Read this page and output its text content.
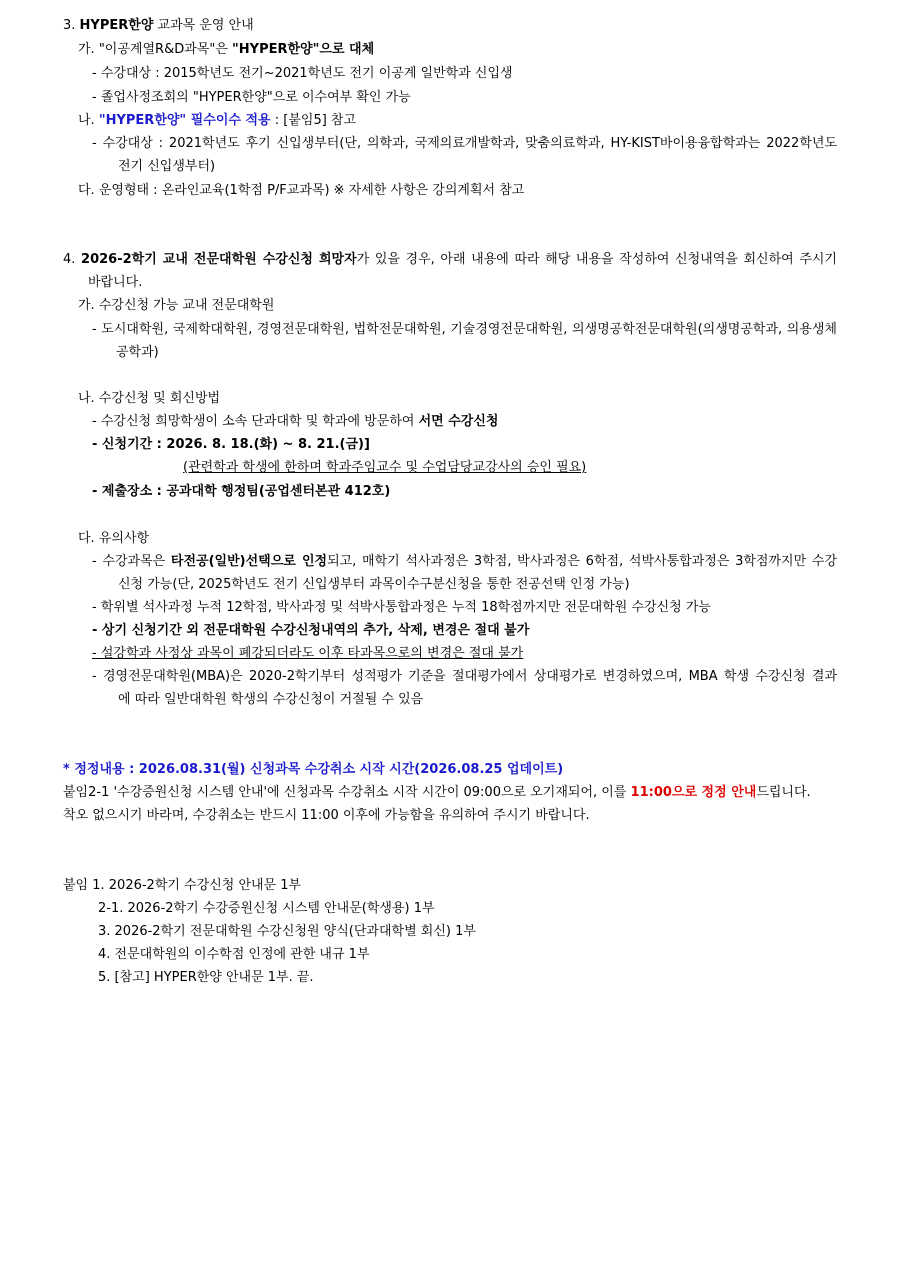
3. HYPER한양 교과목 운영 안내
가. "이공계열R&D과목"은 "HYPER한양"으로 대체
- 수강대상 : 2015학년도 전기~2021학년도 전기 이공계 일반학과 신입생
- 졸업사정조회의 "HYPER한양"으로 이수여부 확인 가능
나. "HYPER한양" 필수이수 적용 : [붙임5] 참고
- 수강대상 : 2021학년도 후기 신입생부터(단, 의학과, 국제의료개발학과, 맞춤의료학과, HY-KIST바이용융합학과는 2022학년도
전기 신입생부터)
다. 운영형태 : 온라인교육(1학점 P/F교과목) ※ 자세한 사항은 강의계획서 참고
4. 2026-2학기 교내 전문대학원 수강신청 희망자가 있을 경우, 아래 내용에 따라 해당 내용을 작성하여 신청내역을 회신하여 주시기
바랍니다.
가. 수강신청 가능 교내 전문대학원
- 도시대학원, 국제학대학원, 경영전문대학원, 법학전문대학원, 기술경영전문대학원, 의생명공학전문대학원(의생명공학과, 의용생체
공학과)
나. 수강신청 및 회신방법
- 수강신청 희망학생이 소속 단과대학 및 학과에 방문하여 서면 수강신청
- 신청기간 : 2026. 8. 18.(화) ~ 8. 21.(금)]
(관련학과 학생에 한하며 학과주임교수 및 수업담당교강사의 승인 필요)
- 제출장소 : 공과대학 행정팀(공업센터본관 412호)
다. 유의사항
- 수강과목은 타전공(일반)선택으로 인정되고, 매학기 석사과정은 3학점, 박사과정은 6학점, 석박사통합과정은 3학점까지만 수강
신청 가능(단, 2025학년도 전기 신입생부터 과목이수구분신청을 통한 전공선택 인정 가능)
- 학위별 석사과정 누적 12학점, 박사과정 및 석박사통합과정은 누적 18학점까지만 전문대학원 수강신청 가능
- 상기 신청기간 외 전문대학원 수강신청내역의 추가, 삭제, 변경은 절대 불가
- 설강학과 사정상 과목이 폐강되더라도 이후 타과목으로의 변경은 절대 불가
- 경영전문대학원(MBA)은 2020-2학기부터 성적평가 기준을 절대평가에서 상대평가로 변경하였으며, MBA 학생 수강신청 결과
에 따라 일반대학원 학생의 수강신청이 거절될 수 있음
* 정정내용 : 2026.08.31(월) 신청과목 수강취소 시작 시간(2026.08.25 업데이트)
붙임2-1 '수강증원신청 시스템 안내'에 신청과목 수강취소 시작 시간이 09:00으로 오기재되어, 이를 11:00으로 정정 안내드립니다.
착오 없으시기 바라며, 수강취소는 반드시 11:00 이후에 가능함을 유의하여 주시기 바랍니다.
붙임 1. 2026-2학기 수강신청 안내문 1부
2-1. 2026-2학기 수강증원신청 시스템 안내문(학생용) 1부
3. 2026-2학기 전문대학원 수강신청원 양식(단과대학별 회신) 1부
4. 전문대학원의 이수학점 인정에 관한 내규 1부
5. [참고] HYPER한양 안내문 1부. 끝.
